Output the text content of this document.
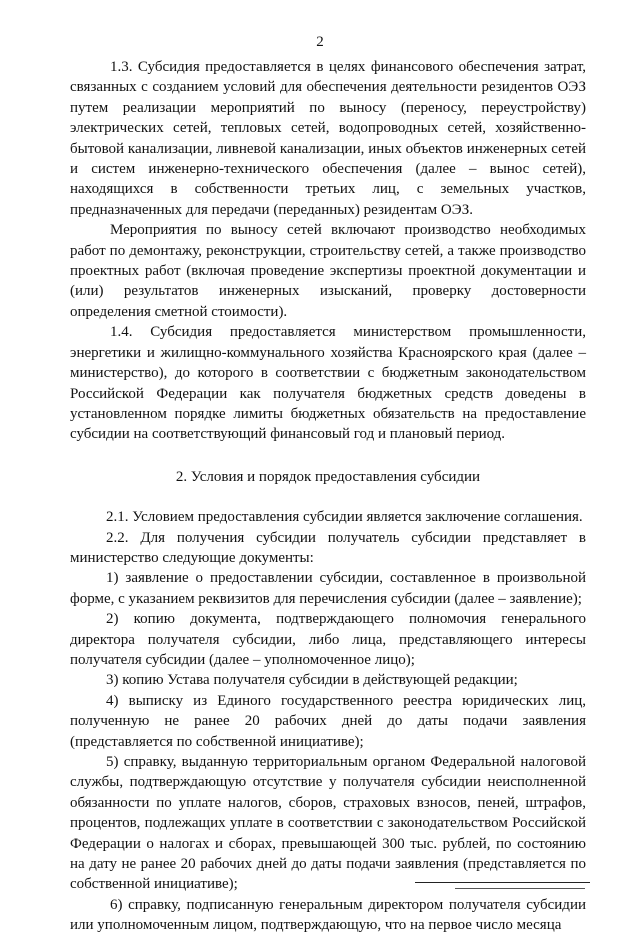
2
1.3. Субсидия предоставляется в целях финансового обеспечения затрат, связанных с созданием условий для обеспечения деятельности резидентов ОЭЗ путем реализации мероприятий по выносу (переносу, переустройству) электрических сетей, тепловых сетей, водопроводных сетей, хозяйственно-бытовой канализации, ливневой канализации, иных объектов инженерных сетей и систем инженерно-технического обеспечения (далее – вынос сетей), находящихся в собственности третьих лиц, с земельных участков, предназначенных для передачи (переданных) резидентам ОЭЗ.
Мероприятия по выносу сетей включают производство необходимых работ по демонтажу, реконструкции, строительству сетей, а также производство проектных работ (включая проведение экспертизы проектной документации и (или) результатов инженерных изысканий, проверку достоверности определения сметной стоимости).
1.4. Субсидия предоставляется министерством промышленности, энергетики и жилищно-коммунального хозяйства Красноярского края (далее – министерство), до которого в соответствии с бюджетным законодательством Российской Федерации как получателя бюджетных средств доведены в установленном порядке лимиты бюджетных обязательств на предоставление субсидии на соответствующий финансовый год и плановый период.
2. Условия и порядок предоставления субсидии
2.1. Условием предоставления субсидии является заключение соглашения.
2.2. Для получения субсидии получатель субсидии представляет в министерство следующие документы:
1) заявление о предоставлении субсидии, составленное в произвольной форме, с указанием реквизитов для перечисления субсидии (далее – заявление);
2) копию документа, подтверждающего полномочия генерального директора получателя субсидии, либо лица, представляющего интересы получателя субсидии (далее – уполномоченное лицо);
3) копию Устава получателя субсидии в действующей редакции;
4) выписку из Единого государственного реестра юридических лиц, полученную не ранее 20 рабочих дней до даты подачи заявления (представляется по собственной инициативе);
5) справку, выданную территориальным органом Федеральной налоговой службы, подтверждающую отсутствие у получателя субсидии неисполненной обязанности по уплате налогов, сборов, страховых взносов, пеней, штрафов, процентов, подлежащих уплате в соответствии с законодательством Российской Федерации о налогах и сборах, превышающей 300 тыс. рублей, по состоянию на дату не ранее 20 рабочих дней до даты подачи заявления (представляется по собственной инициативе);
6) справку, подписанную генеральным директором получателя субсидии или уполномоченным лицом, подтверждающую, что на первое число месяца
